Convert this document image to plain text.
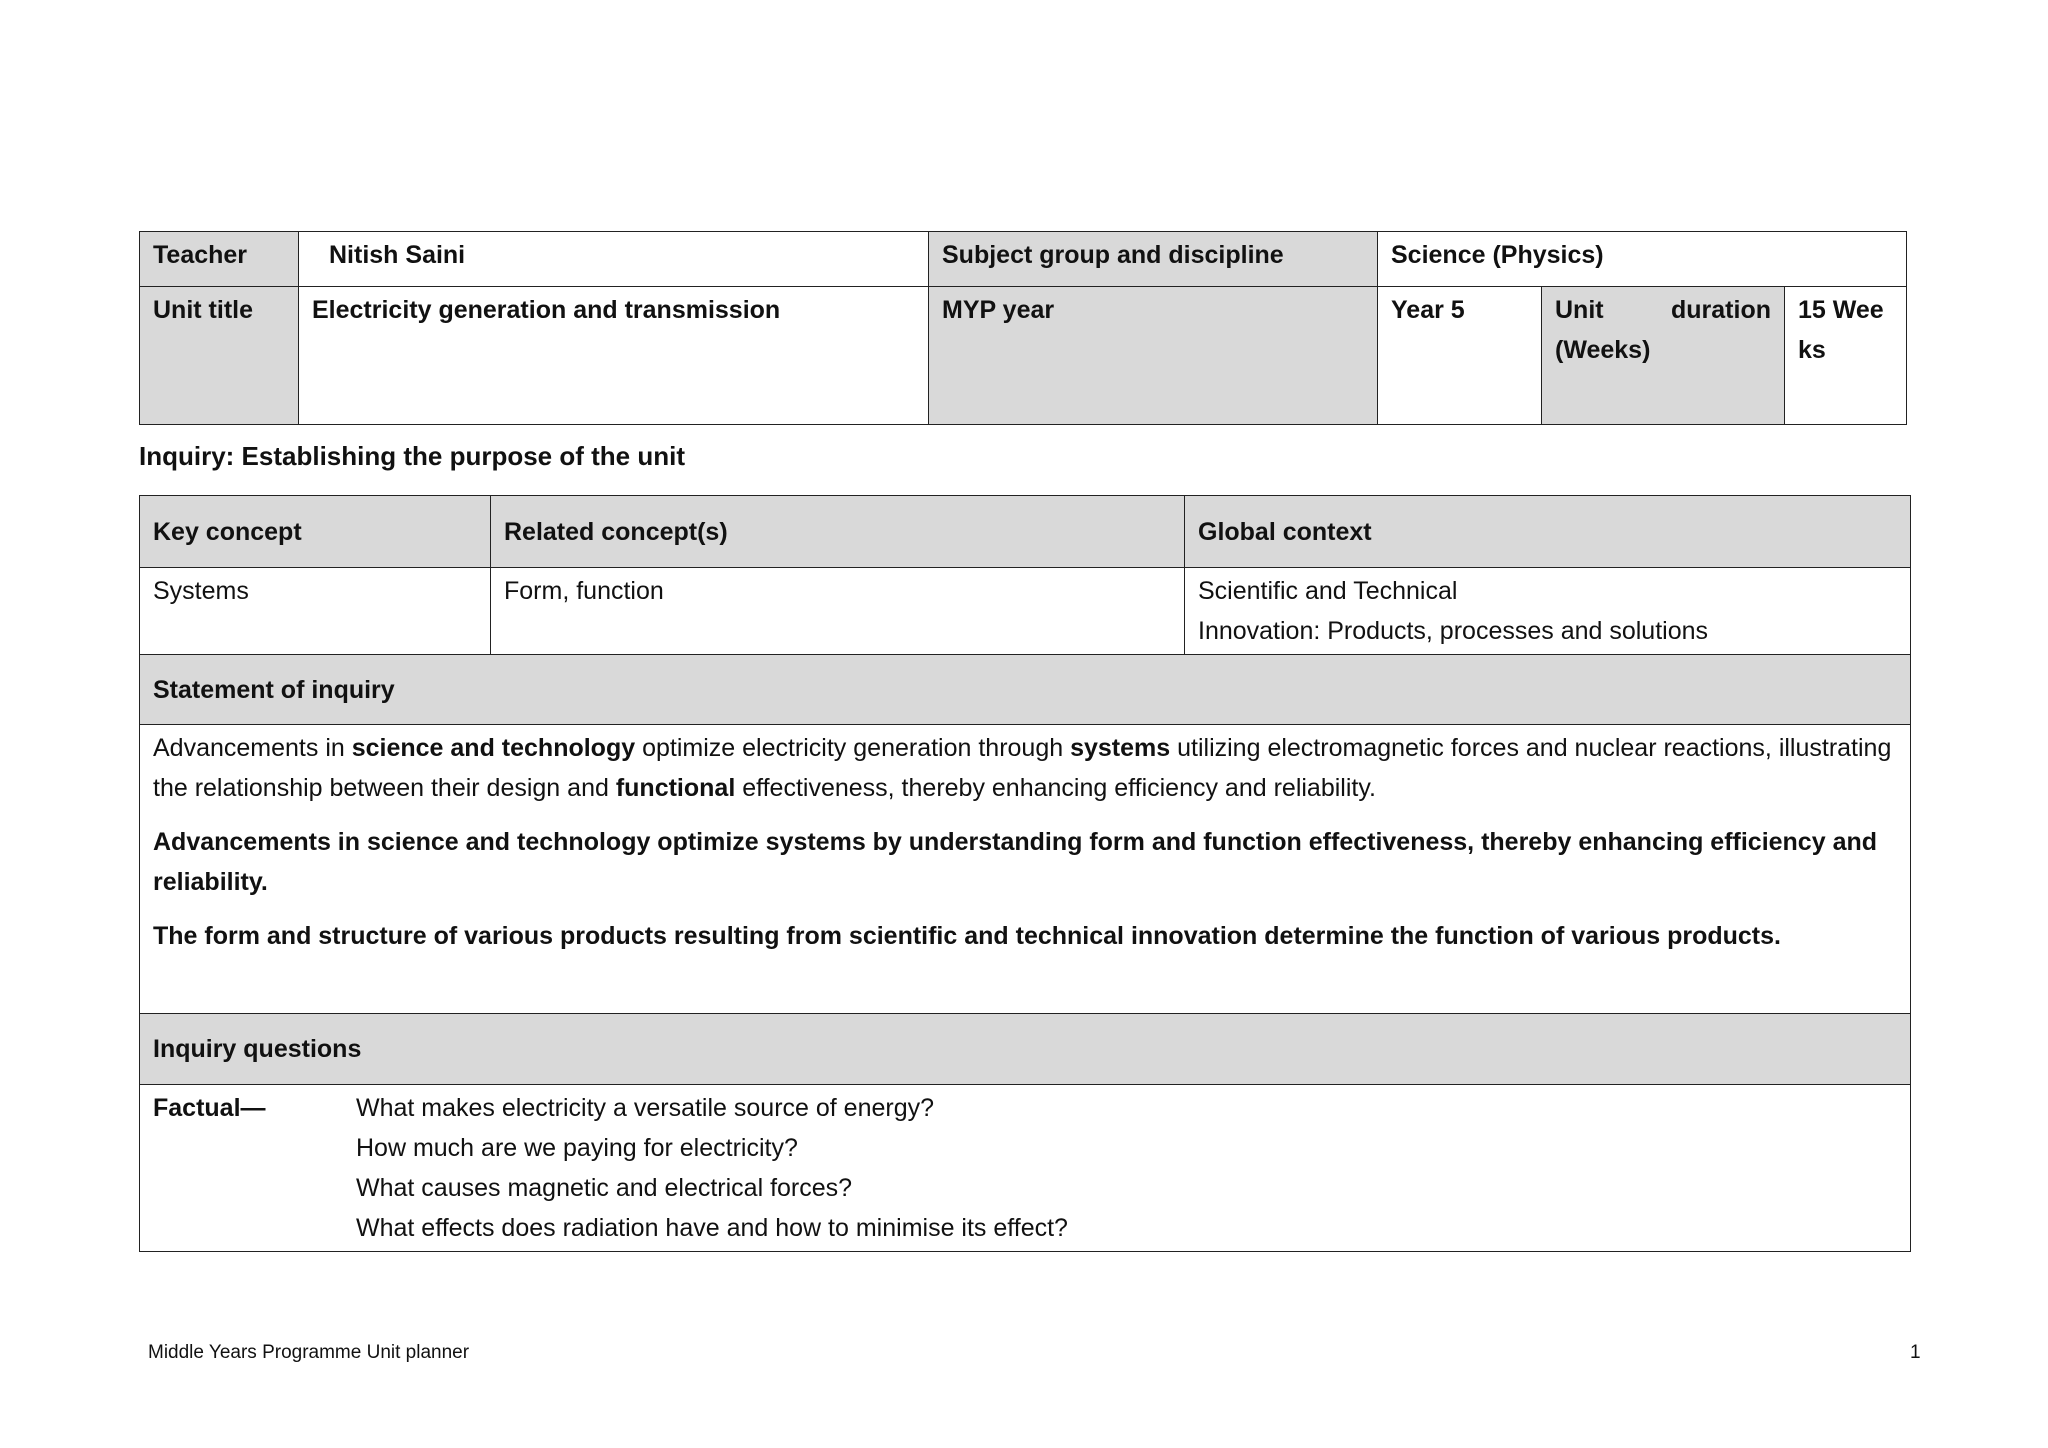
Teacher	Nitish Saini	Subject group and discipline	Science (Physics)		
Unit title	Electricity generation and transmission	MYP year	Year 5	Unit duration (Weeks)	15 Weeks
Inquiry: Establishing the purpose of the unit
Key concept	Related concept(s)	Global context
Systems	Form, function	Scientific and Technical
Innovation: Products, processes and solutions

Statement of inquiry		

Advancements in science and technology optimize electricity generation through systems utilizing electromagnetic forces and nuclear reactions, illustrating the relationship between their design and functional effectiveness, thereby enhancing efficiency and reliability.

Advancements in science and technology optimize systems by understanding form and function effectiveness, thereby enhancing efficiency and reliability.

The form and structure of various products resulting from scientific and technical innovation determine the function of various products.		

Inquiry questions		

Factual— What makes electricity a versatile source of energy?
How much are we paying for electricity?
What causes magnetic and electrical forces?
What effects does radiation have and how to minimise its effect?		
Middle Years Programme Unit planner	1
